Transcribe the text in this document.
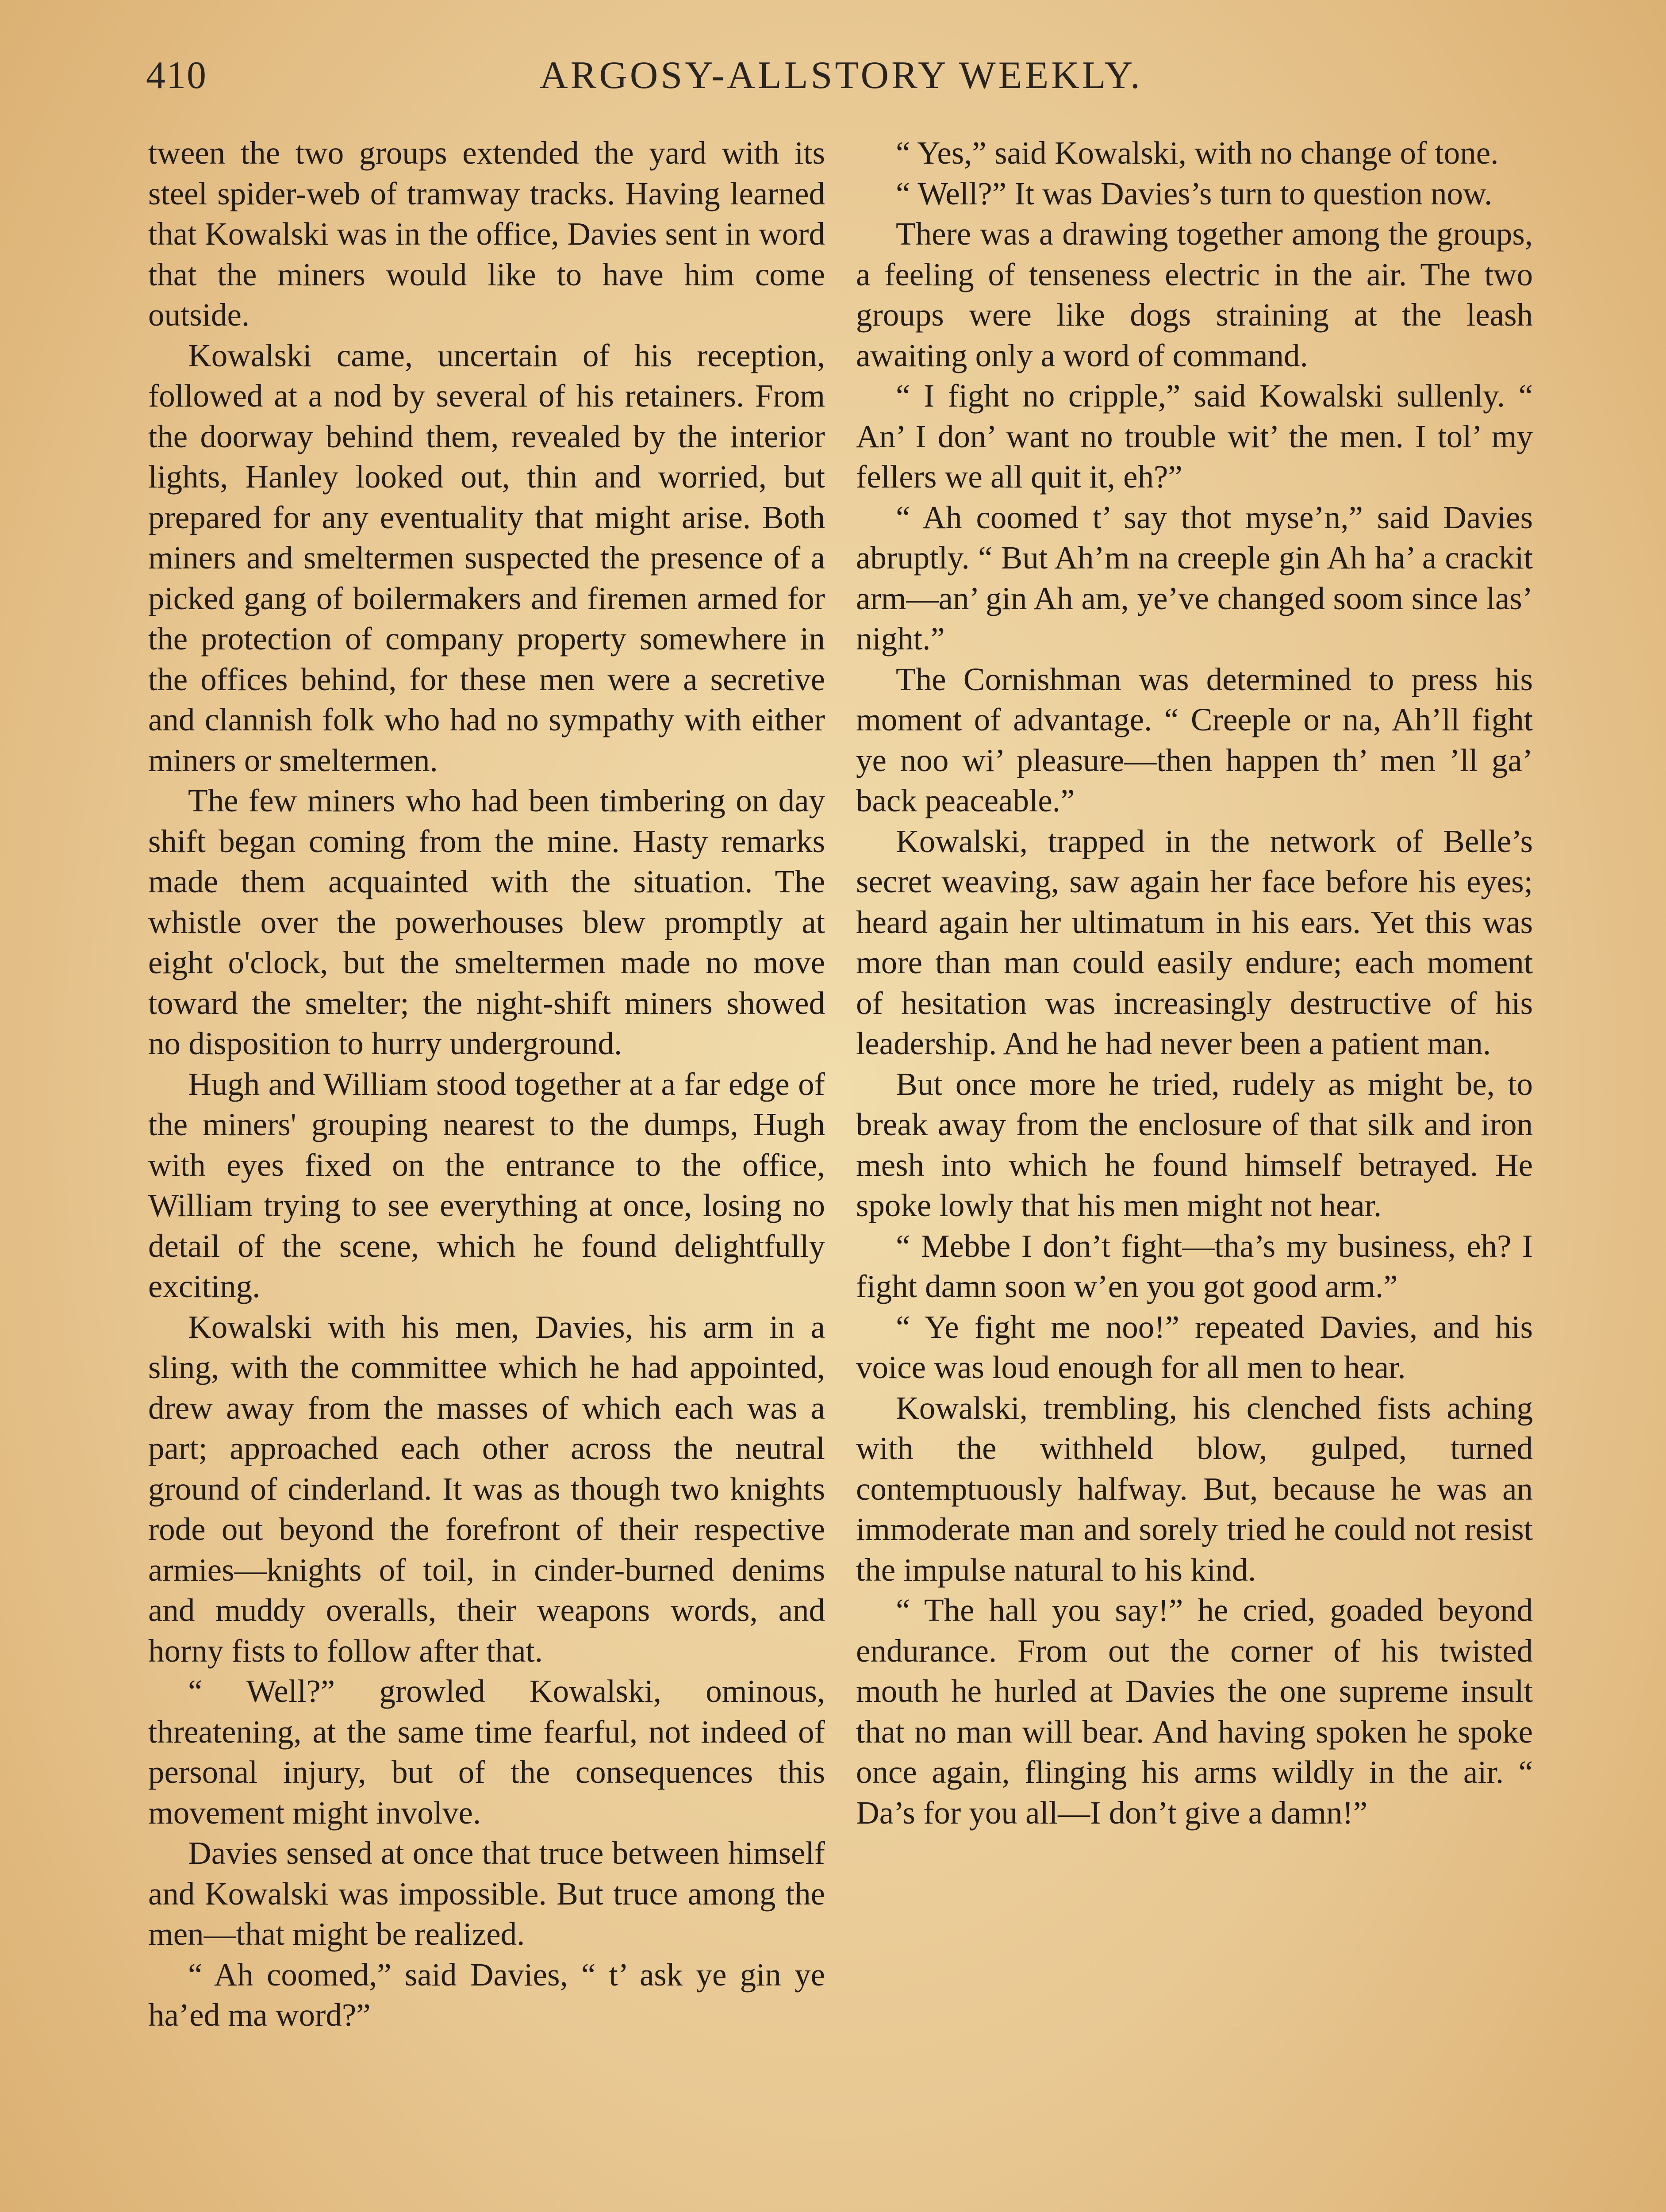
410	ARGOSY-ALLSTORY WEEKLY.

tween the two groups extended the yard with its steel spider-web of tramway tracks. Having learned that Kowalski was in the office, Davies sent in word that the miners would like to have him come outside.

Kowalski came, uncertain of his reception, followed at a nod by several of his retainers. From the doorway behind them, revealed by the interior lights, Hanley looked out, thin and worried, but prepared for any eventuality that might arise. Both miners and smeltermen suspected the presence of a picked gang of boilermakers and firemen armed for the protection of company property somewhere in the offices behind, for these men were a secretive and clannish folk who had no sympathy with either miners or smeltermen.

The few miners who had been timbering on day shift began coming from the mine. Hasty remarks made them acquainted with the situation. The whistle over the powerhouses blew promptly at eight o'clock, but the smeltermen made no move toward the smelter; the night-shift miners showed no disposition to hurry underground.

Hugh and William stood together at a far edge of the miners' grouping nearest to the dumps, Hugh with eyes fixed on the entrance to the office, William trying to see everything at once, losing no detail of the scene, which he found delightfully exciting.

Kowalski with his men, Davies, his arm in a sling, with the committee which he had appointed, drew away from the masses of which each was a part; approached each other across the neutral ground of cinderland. It was as though two knights rode out beyond the forefront of their respective armies—knights of toil, in cinder-burned denims and muddy overalls, their weapons words, and horny fists to follow after that.

“ Well?” growled Kowalski, ominous, threatening, at the same time fearful, not indeed of personal injury, but of the consequences this movement might involve.

Davies sensed at once that truce between himself and Kowalski was impossible. But truce among the men—that might be realized.

“ Ah coomed,” said Davies, “ t’ ask ye gin ye ha’ed ma word?”

“ Yes,” said Kowalski, with no change of tone.

“ Well?” It was Davies’s turn to question now.

There was a drawing together among the groups, a feeling of tenseness electric in the air. The two groups were like dogs straining at the leash awaiting only a word of command.

“ I fight no cripple,” said Kowalski sullenly. “ An’ I don’ want no trouble wit’ the men. I tol’ my fellers we all quit it, eh?”

“ Ah coomed t’ say thot myse’n,” said Davies abruptly. “ But Ah’m na creeple gin Ah ha’ a crackit arm—an’ gin Ah am, ye’ve changed soom since las’ night.”

The Cornishman was determined to press his moment of advantage. “ Creeple or na, Ah’ll fight ye noo wi’ pleasure—then happen th’ men ’ll ga’ back peaceable.”

Kowalski, trapped in the network of Belle’s secret weaving, saw again her face before his eyes; heard again her ultimatum in his ears. Yet this was more than man could easily endure; each moment of hesitation was increasingly destructive of his leadership. And he had never been a patient man.

But once more he tried, rudely as might be, to break away from the enclosure of that silk and iron mesh into which he found himself betrayed. He spoke lowly that his men might not hear.

“ Mebbe I don’t fight—tha’s my business, eh? I fight damn soon w’en you got good arm.”

“ Ye fight me noo!” repeated Davies, and his voice was loud enough for all men to hear.

Kowalski, trembling, his clenched fists aching with the withheld blow, gulped, turned contemptuously halfway. But, because he was an immoderate man and sorely tried he could not resist the impulse natural to his kind.

“ The hall you say!” he cried, goaded beyond endurance. From out the corner of his twisted mouth he hurled at Davies the one supreme insult that no man will bear. And having spoken he spoke once again, flinging his arms wildly in the air. “ Da’s for you all—I don’t give a damn!”
